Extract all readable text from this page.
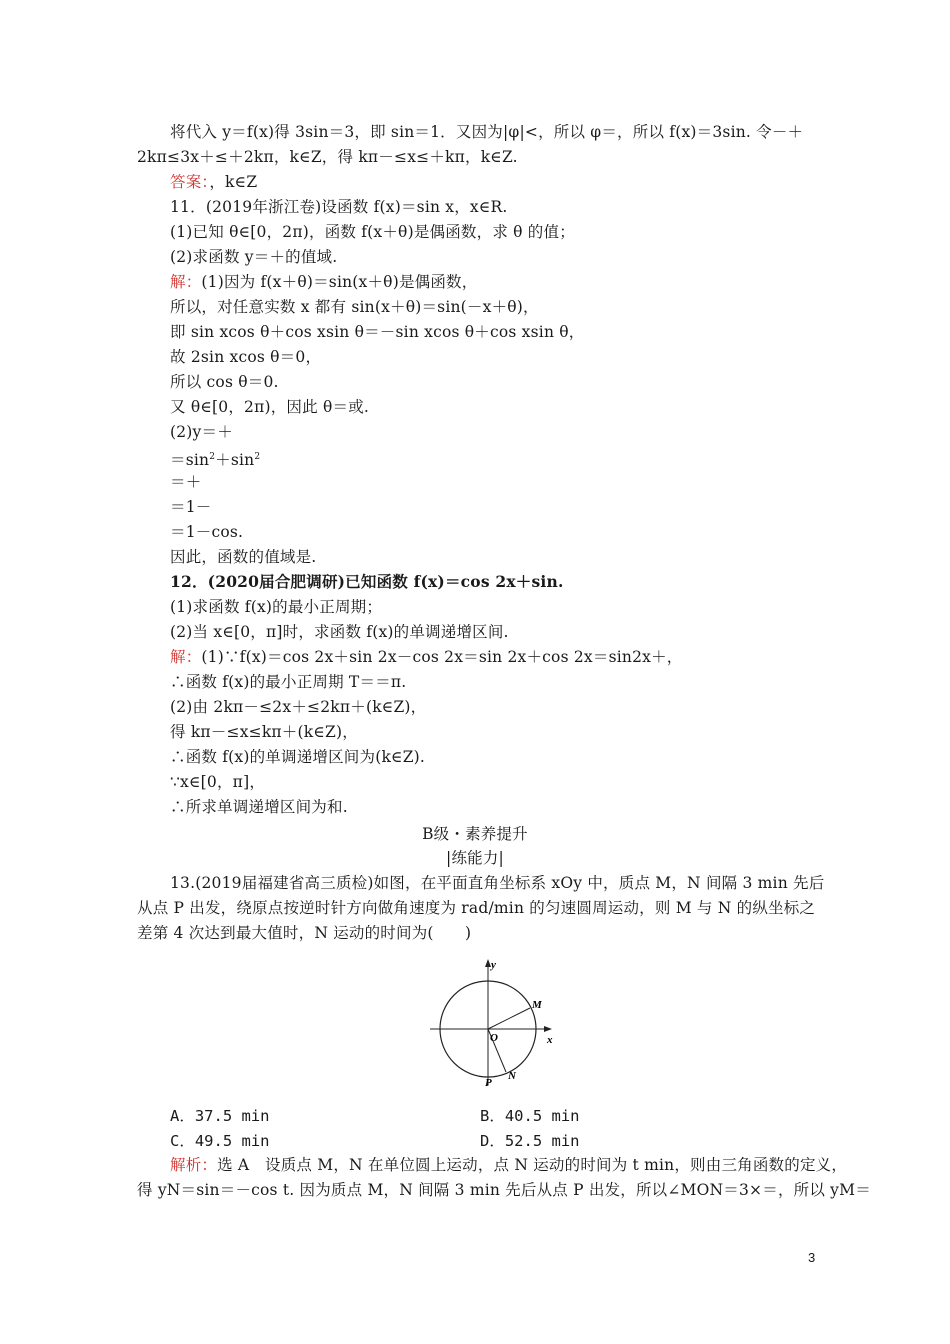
将代入 y＝f(x)得 3sin＝3，即 sin＝1．又因为|φ|<，所以 φ＝，所以 f(x)＝3sin. 令－＋
2kπ≤3x＋≤＋2kπ，k∈Z，得 kπ－≤x≤＋kπ，k∈Z.
11．(2019年浙江卷)设函数 f(x)＝sin x，x∈R.
(1)已知 θ∈[0，2π)，函数 f(x＋θ)是偶函数，求 θ 的值；
(2)求函数 y＝＋的值域.
所以，对任意实数 x 都有 sin(x＋θ)＝sin(－x＋θ)，
即 sin xcos θ＋cos xsin θ＝－sin xcos θ＋cos xsin θ，
故 2sin xcos θ＝0，
所以 cos θ＝0.
又 θ∈[0，2π)，因此 θ＝或.
(2)y＝＋
＝＋
＝1－
＝1－cos.
因此，函数的值域是.
(1)求函数 f(x)的最小正周期；
(2)当 x∈[0，π]时，求函数 f(x)的单调递增区间.
∴函数 f(x)的最小正周期 T＝＝π.
(2)由 2kπ－≤2x＋≤2kπ＋(k∈Z)，
得 kπ－≤x≤kπ＋(k∈Z)，
∴函数 f(x)的单调递增区间为(k∈Z).
∵x∈[0，π]，
∴所求单调递增区间为和.
13.(2019届福建省高三质检)如图，在平面直角坐标系 xOy 中，质点 M，N 间隔 3 min 先后
从点 P 出发，绕原点按逆时针方向做角速度为 rad/min 的匀速圆周运动，则 M 与 N 的纵坐标之
差第 4 次达到最大值时，N 运动的时间为(　　)
得 yN＝sin＝－cos t. 因为质点 M，N 间隔 3 min 先后从点 P 出发，所以∠MON＝3×＝，所以 yM＝
答案：，k∈Z
解：(1)因为 f(x＋θ)＝sin(x＋θ)是偶函数，
$=\sin^2+\sin^2$
12．(2020届合肥调研)已知函数 f(x)＝cos 2x＋sin.
解：(1)∵f(x)＝cos 2x＋sin 2x－cos 2x＝sin 2x＋cos 2x＝sin2x＋，
B级・素养提升
|练能力|
y
x
O
M
N
P
A．37.5 min	B．40.5 min
C．49.5 min	D．52.5 min
解析：选 A　设质点 M，N 在单位圆上运动，点 N 运动的时间为 t min，则由三角函数的定义，
3
